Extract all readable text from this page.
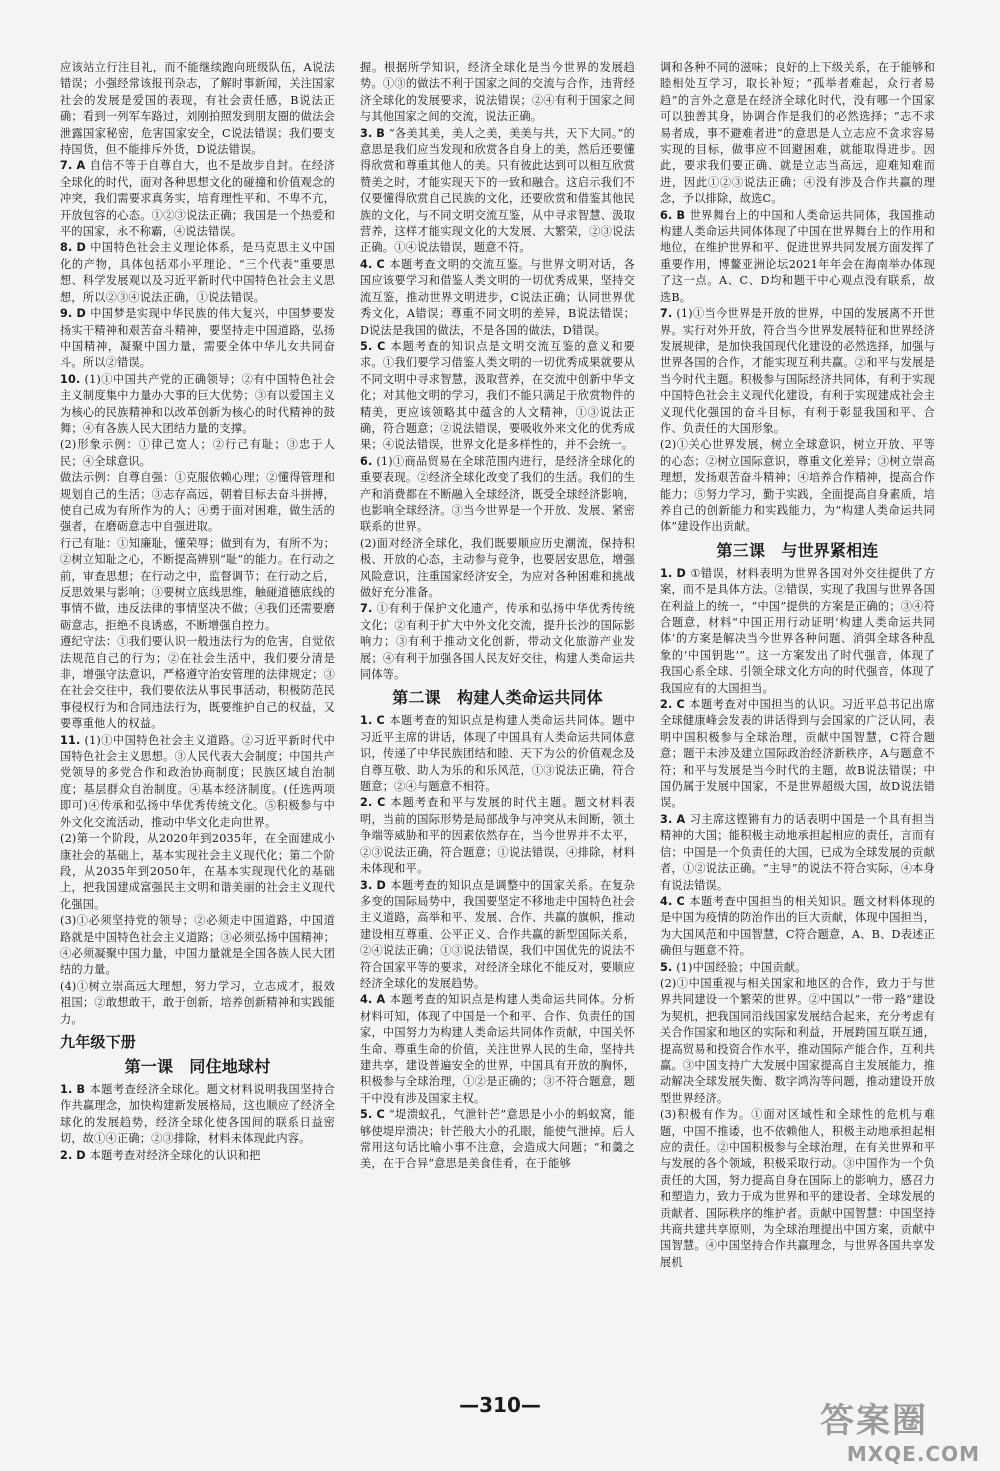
应该站立行注目礼，而不能继续跑向班级队伍，A说法错误；小强经常该报刊杂志，了解时事新闻，关注国家社会的发展是爱国的表现，有社会责任感，B说法正确；看到一列军车路过，刘刚拍照发到朋友圈的做法会泄露国家秘密，危害国家安全，C说法错误；我们要支持国货，但不能排斥外货，D说法错误。

7. A 自信不等于自尊自大，也不是故步自封。在经济全球化的时代，面对各种思想文化的碰撞和价值观念的冲突，我们需要求真务实，培育理性平和、不卑不亢，开放包容的心态。①②③说法正确；我国是一个热爱和平的国家，永不称霸，④说法错误。

8. D 中国特色社会主义理论体系，是马克思主义中国化的产物，具体包括邓小平理论、“三个代表”重要思想、科学发展观以及习近平新时代中国特色社会主义思想，所以②③④说法正确，①说法错误。

9. D 中国梦是实现中华民族的伟大复兴，中国梦要发扬实干精神和艰苦奋斗精神，要坚持走中国道路，弘扬中国精神，凝聚中国力量，需要全体中华儿女共同奋斗。所以②错误。

10. (1)①中国共产党的正确领导；②有中国特色社会主义制度集中力量办大事的巨大优势；③有以爱国主义为核心的民族精神和以改革创新为核心的时代精神的鼓舞；④有各族人民大团结力量的支撑。

(2)形象示例：①律己宽人；②行己有耻；③忠于人民；④全球意识。

做法示例：自尊自强：①克服依赖心理；②懂得管理和规划自己的生活；③志存高远，朝着目标去奋斗拼搏，使自己成为有所作为的人；④勇于面对困难，做生活的强者，在磨砺意志中自强进取。

行己有耻：①知廉耻，懂荣辱；做到有为，有所不为；②树立知耻之心，不断提高辨别“耻”的能力。在行动之前，审查思想；在行动之中，监督调节；在行动之后，反思效果与影响；③要树立底线思维，触碰道德底线的事情不做，违反法律的事情坚决不做；④我们还需要磨砺意志，拒绝不良诱惑，不断增强自控力。

遵纪守法：①我们要认识一般违法行为的危害，自觉依法规范自己的行为；②在社会生活中，我们要分清是非，增强守法意识，严格遵守治安管理的法律规定；③在社会交往中，我们要依法从事民事活动，积极防范民事侵权行为和合同违法行为，既要维护自己的权益，又要尊重他人的权益。

11. (1)①中国特色社会主义道路。②习近平新时代中国特色社会主义思想。③人民代表大会制度；中国共产党领导的多党合作和政治协商制度；民族区域自治制度；基层群众自治制度。④基本经济制度。(任选两项即可)④传承和弘扬中华优秀传统文化。⑤积极参与中外文化交流活动，推动中华文化走向世界。

(2)第一个阶段，从2020年到2035年，在全面建成小康社会的基础上，基本实现社会主义现代化；第二个阶段，从2035年到2050年，在基本实现现代化的基础上，把我国建成富强民主文明和谐美丽的社会主义现代化强国。

(3)①必须坚持党的领导；②必须走中国道路，中国道路就是中国特色社会主义道路；③必须弘扬中国精神；④必须凝聚中国力量，中国力量就是全国各族人民大团结的力量。

(4)①树立崇高远大理想，努力学习，立志成才，报效祖国；②敢想敢干，敢于创新，培养创新精神和实践能力。

九年级下册
第一课　同住地球村

1. B 本题考查经济全球化。题文材料说明我国坚持合作共赢理念，加快构建新发展格局，这也顺应了经济全球化的发展趋势，经济全球化使各国间的联系日益密切，故①④正确；②③排除，材料未体现此内容。

2. D 本题考查对经济全球化的认识和把

握。根据所学知识，经济全球化是当今世界的发展趋势。①③的做法不利于国家之间的交流与合作，违背经济全球化的发展要求，说法错误；②④有利于国家之间与其他国家之间的交流，说法正确。

3. B “各美其美，美人之美，美美与共，天下大同。”的意思是我们应当发现和欣赏各自身上的美，然后还要懂得欣赏和尊重其他人的美。只有彼此达到可以相互欣赏赞美之时，才能实现天下的一致和融合。这启示我们不仅要懂得欣赏自己民族的文化，还要欣赏和借鉴其他民族的文化，与不同文明交流互鉴，从中寻求智慧、汲取营养，这样才能实现文化的大发展、大繁荣，②③说法正确。①④说法错误，题意不符。

4. C 本题考查文明的交流互鉴。与世界文明对话，各国应该要学习和借鉴人类文明的一切优秀成果，坚持交流互鉴，推动世界文明进步，C说法正确；认同世界优秀文化，A错误；尊重不同文明的差异，B说法错误；D说法是我国的做法，不是各国的做法，D错误。

5. C 本题考查的知识点是文明交流互鉴的意义和要求。①我们要学习借鉴人类文明的一切优秀成果就要从不同文明中寻求智慧，汲取营养，在交流中创新中华文化；对其他文明的学习，我们不能只满足于欣赏物件的精美，更应该领略其中蕴含的人文精神，①③说法正确，符合题意；②说法错误，要吸收外来文化的优秀成果；④说法错误，世界文化是多样性的，并不会统一。

6. (1)①商品贸易在全球范围内进行，是经济全球化的重要表现。②经济全球化改变了我们的生活。我们的生产和消费都在不断融入全球经济，既受全球经济影响，也影响全球经济。③当今世界是一个开放、发展、紧密联系的世界。

(2)面对经济全球化，我们既要顺应历史潮流，保持积极、开放的心态，主动参与竞争，也要居安思危，增强风险意识，注重国家经济安全，为应对各种困难和挑战做好充分准备。

7. ①有利于保护文化遗产，传承和弘扬中华优秀传统文化；②有利于扩大中外文化交流，提升长沙的国际影响力；③有利于推动文化创新，带动文化旅游产业发展；④有利于加强各国人民友好交往，构建人类命运共同体等。

第二课　构建人类命运共同体

1. C 本题考查的知识点是构建人类命运共同体。题中习近平主席的讲话，体现了中国具有人类命运共同体意识，传递了中华民族团结和睦、天下为公的价值观念及自尊互敬、助人为乐的和乐风范，①③说法正确，符合题意；②④与题意不相符。

2. C 本题考查和平与发展的时代主题。题文材料表明，当前的国际形势是局部战争与冲突从未间断，领土争端等威胁和平的因素依然存在，当今世界并不太平，②③说法正确，符合题意；①说法错误，④排除，材料未体现和平。

3. D 本题考查的知识点是调整中的国家关系。在复杂多变的国际局势中，我国要坚定不移地走中国特色社会主义道路，高举和平、发展、合作、共赢的旗帜，推动建设相互尊重、公平正义、合作共赢的新型国际关系，②④说法正确；①③说法错误，我们中国优先的说法不符合国家平等的要求，对经济全球化不能反对，要顺应经济全球化的发展趋势。

4. A 本题考查的知识点是构建人类命运共同体。分析材料可知，体现了中国是一个和平、合作、负责任的国家，中国努力为构建人类命运共同体作贡献，中国关怀生命、尊重生命的价值，关注世界人民的生命，坚持共建共享，建设普遍安全的世界，中国具有开放的胸怀，积极参与全球治理，①②是正确的；③不符合题意，题干中没有涉及国家主权。

5. C “堤溃蚁孔，气泄针芒”意思是小小的蚂蚁窝，能够使堤岸溃决；针芒般大小的孔眼，能使气泄掉。后人常用这句话比喻小事不注意，会造成大问题；“和羹之美，在于合异”意思是美食佳肴，在于能够

调和各种不同的滋味；良好的上下级关系，在于能够和睦相处互学习，取长补短；“孤举者难起，众行者易趋”的言外之意是在经济全球化时代，没有哪一个国家可以独善其身，协调合作是我们的必然选择；“志不求易者成，事不避难者进”的意思是人立志应不贪求容易实现的目标，做事应不回避困难，就能取得进步。因此，要求我们要正确、就是立志当高远，迎难知难而进，因此①②③说法正确；④没有涉及合作共赢的理念，予以排除，故选C。

6. B 世界舞台上的中国和人类命运共同体，我国推动构建人类命运共同体体现了中国在世界舞台上的作用和地位，在维护世界和平、促进世界共同发展方面发挥了重要作用，博鳌亚洲论坛2021年年会在海南举办体现了这一点。A、C、D均和题干中心观点没有联系，故选B。

7. (1)①当今世界是开放的世界，中国的发展离不开世界。实行对外开放，符合当今世界发展特征和世界经济发展规律，是加快我国现代化建设的必然选择，加强与世界各国的合作，才能实现互利共赢。②和平与发展是当今时代主题。积极参与国际经济共同体，有利于实现中国特色社会主义现代化建设，有利于实现建成社会主义现代化强国的奋斗目标，有利于彰显我国和平、合作、负责任的大国形象。

(2)①关心世界发展，树立全球意识，树立开放、平等的心态；②树立国际意识，尊重文化差异；③树立崇高理想，发扬艰苦奋斗精神；④培养合作精神，提高合作能力；⑤努力学习，勤于实践，全面提高自身素质，培养自己的创新能力和实践能力，为“构建人类命运共同体”建设作出贡献。

第三课　与世界紧相连

1. D ①错误，材料表明为世界各国对外交往提供了方案，而不是具体方法。②错误，实现了我国与世界各国在利益上的统一，“中国”提供的方案是正确的；③④符合题意，材料“中国正用行动证明‘构建人类命运共同体’的方案是解决当今世界各种问题、消弭全球各种乱象的‘中国钥匙’”。这一方案发出了时代强音，体现了我国心系全球、引领全球文化方向的时代强音，体现了我国应有的大国担当。

2. C 本题考查对中国担当的认识。习近平总书记出席全球健康峰会发表的讲话得到与会国家的广泛认同，表明中国积极参与全球治理，贡献中国智慧，C符合题意；题干未涉及建立国际政治经济新秩序，A与题意不符；和平与发展是当今时代的主题，故B说法错误；中国仍属于发展中国家，不是世界超级大国，故D说法错误。

3. A 习主席这铿锵有力的话表明中国是一个具有担当精神的大国；能积极主动地承担起相应的责任，言而有信；中国是一个负责任的大国，已成为全球发展的贡献者，①②说法正确。“主导”的说法不符合实际，④本身有说法错误。

4. C 本题考查中国担当的相关知识。题文材料体现的是中国为疫情的防治作出的巨大贡献，体现中国担当，为大国风范和中国智慧，C符合题意，A、B、D表述正确但与题意不符。

5. (1)中国经验；中国贡献。

(2)①中国重视与相关国家和地区的合作，致力于与世界共同建设一个繁荣的世界。②中国以“一带一路”建设为契机，把我国同沿线国家发展结合起来，充分考虑有关合作国家和地区的实际和利益，开展跨国互联互通，提高贸易和投资合作水平，推动国际产能合作，互利共赢。③中国支持广大发展中国家提高自主发展能力，推动解决全球发展失衡、数字鸿沟等问题，推动建设开放型世界经济。

(3)积极有作为。①面对区域性和全球性的危机与难题，中国不推诿，也不依赖他人，积极主动地承担起相应的责任。②中国积极参与全球治理，在有关世界和平与发展的各个领域，积极采取行动。③中国作为一个负责任的大国，努力提高自身在国际上的影响力，感召力和塑造力，致力于成为世界和平的建设者、全球发展的贡献者、国际秩序的维护者。贡献中国智慧：中国坚持共商共建共享原则，为全球治理提出中国方案，贡献中国智慧。④中国坚持合作共赢理念，与世界各国共享发展机

—310—	答案圈
MXQE.COM
